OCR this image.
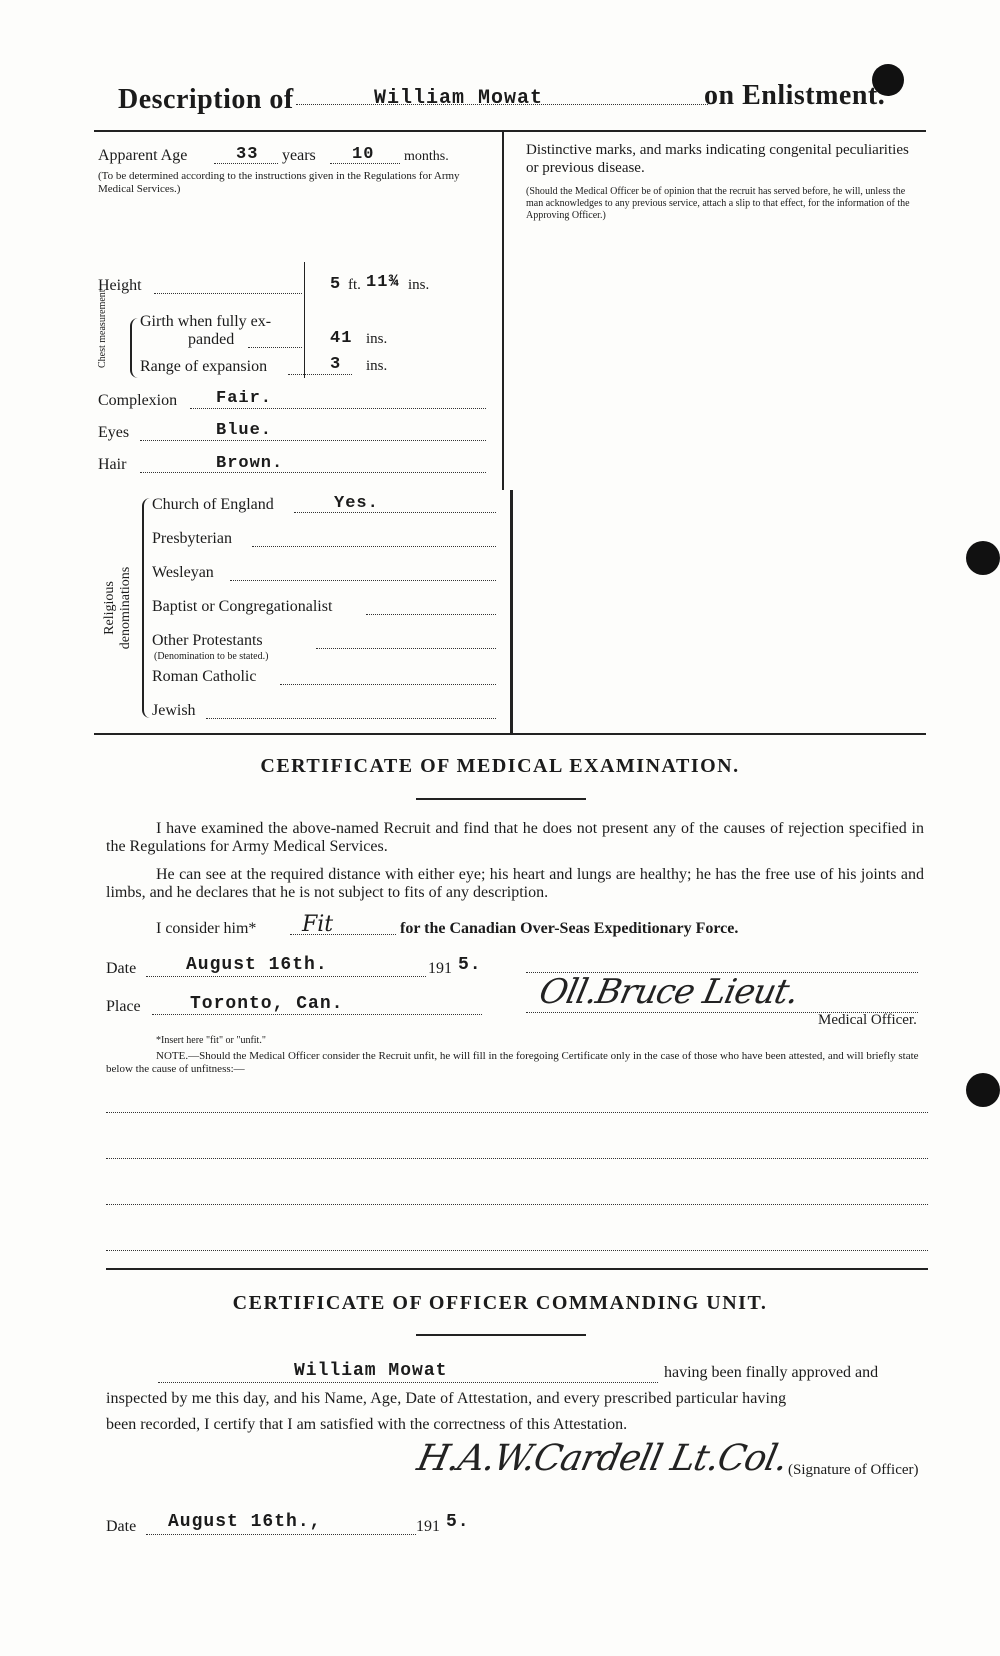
Description of	William Mowat	on Enlistment.
Apparent Age	33 years 10 months.
(To be determined according to the instructions given in the Regulations for Army Medical Services.)
Height	5 ft. 11¾ ins.
Chest measurement Girth when fully ex-
panded	41 ins.
Range of expansion	3 ins.
Complexion Fair.
Eyes	Blue.
Hair	Brown.
Religious denominations
Church of England	Yes.
Presbyterian
Wesleyan
Baptist or Congregationalist
Other Protestants
(Denomination to be stated.)
Roman Catholic
Jewish
Distinctive marks, and marks indicating congenital peculiarities or previous disease.
(Should the Medical Officer be of opinion that the recruit has served before, he will, unless the man acknowledges to any previous service, attach a slip to that effect, for the information of the Approving Officer.)
CERTIFICATE OF MEDICAL EXAMINATION.
I have examined the above-named Recruit and find that he does not present any of the causes of rejection specified in the Regulations for Army Medical Services.
He can see at the required distance with either eye; his heart and lungs are healthy; he has the free use of his joints and limbs, and he declares that he is not subject to fits of any description.
I consider him* Fit	for the Canadian Over-Seas Expeditionary Force.
Date	August 16th.	191 5.
Place	Toronto, Can.	Oll.Bruce Lieut.
Medical Officer.
*Insert here "fit" or "unfit."
NOTE.—Should the Medical Officer consider the Recruit unfit, he will fill in the foregoing Certificate only in the case of those who have been attested, and will briefly state below the cause of unfitness:—
CERTIFICATE OF OFFICER COMMANDING UNIT.
William Mowat	having been finally approved and
inspected by me this day, and his Name, Age, Date of Attestation, and every prescribed particular having
been recorded, I certify that I am satisfied with the correctness of this Attestation.
H.A.W.Cardell Lt.Col.
(Signature of Officer)
Date August 16th.,	191 5.
